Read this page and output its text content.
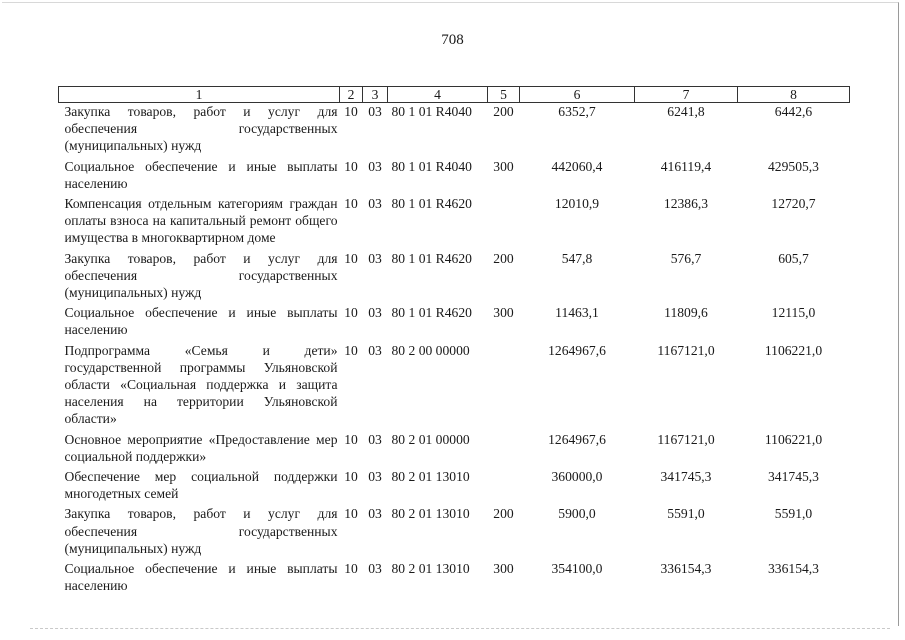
708
1	2	3	4	5	6	7	8
Закупка товаров, работ и услуг для обеспечения государственных (муниципальных) нужд	10	03	80 1 01 R4040	200	6352,7	6241,8	6442,6
Социальное обеспечение и иные выплаты населению	10	03	80 1 01 R4040	300	442060,4	416119,4	429505,3
Компенсация отдельным категориям граждан оплаты взноса на капитальный ремонт общего имущества в многоквартирном доме	10	03	80 1 01 R4620		12010,9	12386,3	12720,7
Закупка товаров, работ и услуг для обеспечения государственных (муниципальных) нужд	10	03	80 1 01 R4620	200	547,8	576,7	605,7
Социальное обеспечение и иные выплаты населению	10	03	80 1 01 R4620	300	11463,1	11809,6	12115,0
Подпрограмма «Семья и дети» государственной программы Ульяновской области «Социальная поддержка и защита населения на территории Ульяновской области»	10	03	80 2 00 00000		1264967,6	1167121,0	1106221,0
Основное мероприятие «Предоставление мер социальной поддержки»	10	03	80 2 01 00000		1264967,6	1167121,0	1106221,0
Обеспечение мер социальной поддержки многодетных семей	10	03	80 2 01 13010		360000,0	341745,3	341745,3
Закупка товаров, работ и услуг для обеспечения государственных (муниципальных) нужд	10	03	80 2 01 13010	200	5900,0	5591,0	5591,0
Социальное обеспечение и иные выплаты населению	10	03	80 2 01 13010	300	354100,0	336154,3	336154,3
